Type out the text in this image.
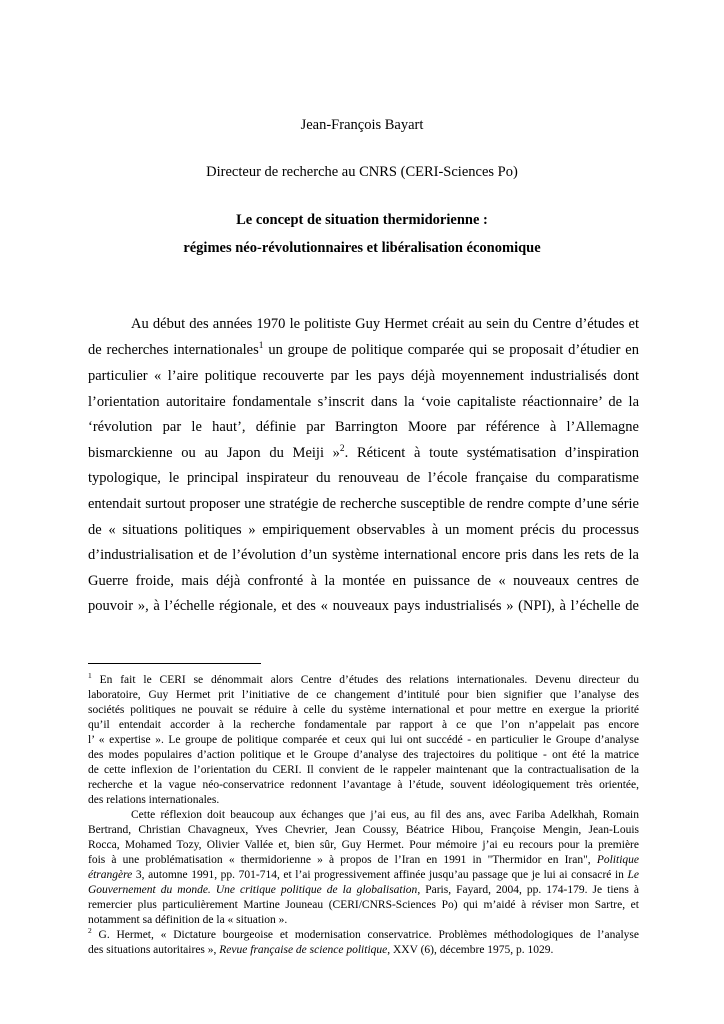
Jean-François Bayart
Directeur de recherche au CNRS (CERI-Sciences Po)
Le concept de situation thermidorienne :
régimes néo-révolutionnaires et libéralisation économique
Au début des années 1970 le politiste Guy Hermet créait au sein du Centre d’études et
de recherches internationales$^1$ un groupe de politique comparée qui se proposait d’étudier en
particulier « l’aire politique recouverte par les pays déjà moyennement industrialisés dont
l’orientation autoritaire fondamentale s’inscrit dans la ‘voie capitaliste réactionnaire’ de la
‘révolution par le haut’, définie par Barrington Moore par référence à l’Allemagne
bismarckienne ou au Japon du Meiji »$^2$. Réticent à toute systématisation d’inspiration
typologique, le principal inspirateur du renouveau de l’école française du comparatisme
entendait surtout proposer une stratégie de recherche susceptible de rendre compte d’une série
de « situations politiques » empiriquement observables à un moment précis du processus
d’industrialisation et de l’évolution d’un système international encore pris dans les rets de la
Guerre froide, mais déjà confronté à la montée en puissance de « nouveaux centres de
pouvoir », à l’échelle régionale, et des « nouveaux pays industrialisés » (NPI), à l’échelle de
$^1$ En fait le CERI se dénommait alors Centre d’études des relations internationales. Devenu directeur du
laboratoire, Guy Hermet prit l’initiative de ce changement d’intitulé pour bien signifier que l’analyse des
sociétés politiques ne pouvait se réduire à celle du système international et pour mettre en exergue la priorité
qu’il entendait accorder à la recherche fondamentale par rapport à ce que l’on n’appelait pas encore
l’ « expertise ». Le groupe de politique comparée et ceux qui lui ont succédé - en particulier le Groupe d’analyse
des modes populaires d’action politique et le Groupe d’analyse des trajectoires du politique - ont été la matrice
de cette inflexion de l’orientation du CERI. Il convient de le rappeler maintenant que la contractualisation de la
recherche et la vague néo-conservatrice redonnent l’avantage à l’étude, souvent idéologiquement très orientée,
des relations internationales.
Cette réflexion doit beaucoup aux échanges que j’ai eus, au fil des ans, avec Fariba Adelkhah, Romain
Bertrand, Christian Chavagneux, Yves Chevrier, Jean Coussy, Béatrice Hibou, Françoise Mengin, Jean-Louis
Rocca, Mohamed Tozy, Olivier Vallée et, bien sûr, Guy Hermet. Pour mémoire j’ai eu recours pour la première
fois à une problématisation « thermidorienne » à propos de l’Iran en 1991 in "Thermidor en Iran", Politique
étrangère 3, automne 1991, pp. 701-714, et l’ai progressivement affinée jusqu’au passage que je lui ai consacré in Le
Gouvernement du monde. Une critique politique de la globalisation, Paris, Fayard, 2004, pp. 174-179. Je tiens à
remercier plus particulièrement Martine Jouneau (CERI/CNRS-Sciences Po) qui m’aidé à réviser mon Sartre, et
notamment sa définition de la « situation ».
$^2$ G. Hermet, « Dictature bourgeoise et modernisation conservatrice. Problèmes méthodologiques de l’analyse
des situations autoritaires », Revue française de science politique, XXV (6), décembre 1975, p. 1029.
